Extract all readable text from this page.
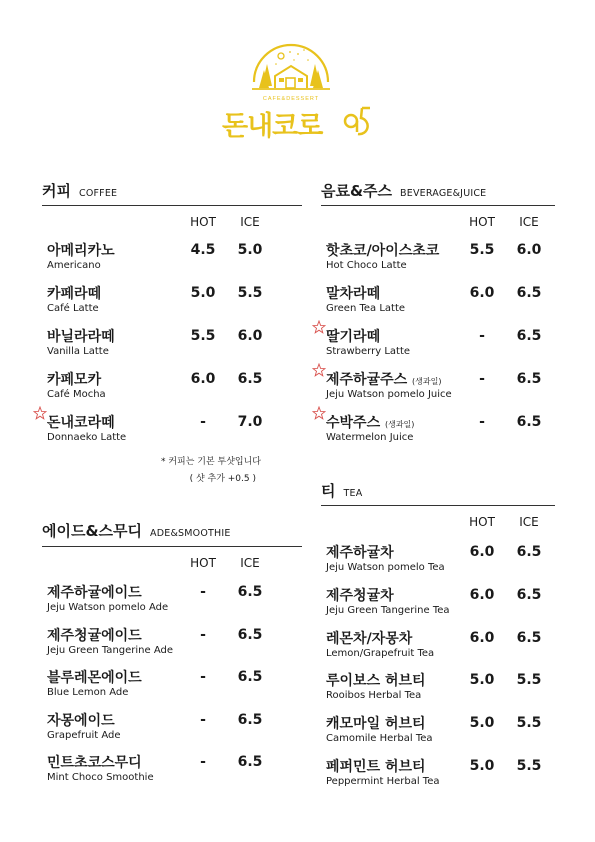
CAFE&DESSERT
돈내코로
커피 COFFEE
HOT	ICE
아메리카노
Americano
4.5	5.0
카페라떼
Café Latte
5.0	5.5
바닐라라떼
Vanilla Latte
5.5	6.0
카페모카
Café Mocha
6.0	6.5
돈내코라떼
Donnaeko Latte
-	7.0
* 커피는 기본 투샷입니다
( 샷 추가 +0.5 )
에이드&스무디 ADE&SMOOTHIE
HOT	ICE
제주하귤에이드
Jeju Watson pomelo Ade
-	6.5
제주청귤에이드
Jeju Green Tangerine Ade
-	6.5
블루레몬에이드
Blue Lemon Ade
-	6.5
자몽에이드
Grapefruit Ade
-	6.5
민트초코스무디
Mint Choco Smoothie
-	6.5
음료&주스 BEVERAGE&JUICE
HOT	ICE
핫초코/아이스초코
Hot Choco Latte
5.5	6.0
말차라떼
Green Tea Latte
6.0	6.5
딸기라떼
Strawberry Latte
-	6.5
제주하귤주스 (생과일)
Jeju Watson pomelo Juice
-	6.5
수박주스 (생과일)
Watermelon Juice
-	6.5
티TEA
HOT	ICE
제주하귤차
Jeju Watson pomelo Tea
6.0	6.5
제주청귤차
Jeju Green Tangerine Tea
6.0	6.5
레몬차/자몽차
Lemon/Grapefruit Tea
6.0	6.5
루이보스 허브티
Rooibos Herbal Tea
5.0	5.5
캐모마일 허브티
Camomile Herbal Tea
5.0	5.5
페퍼민트 허브티
Peppermint Herbal Tea
5.0	5.5
